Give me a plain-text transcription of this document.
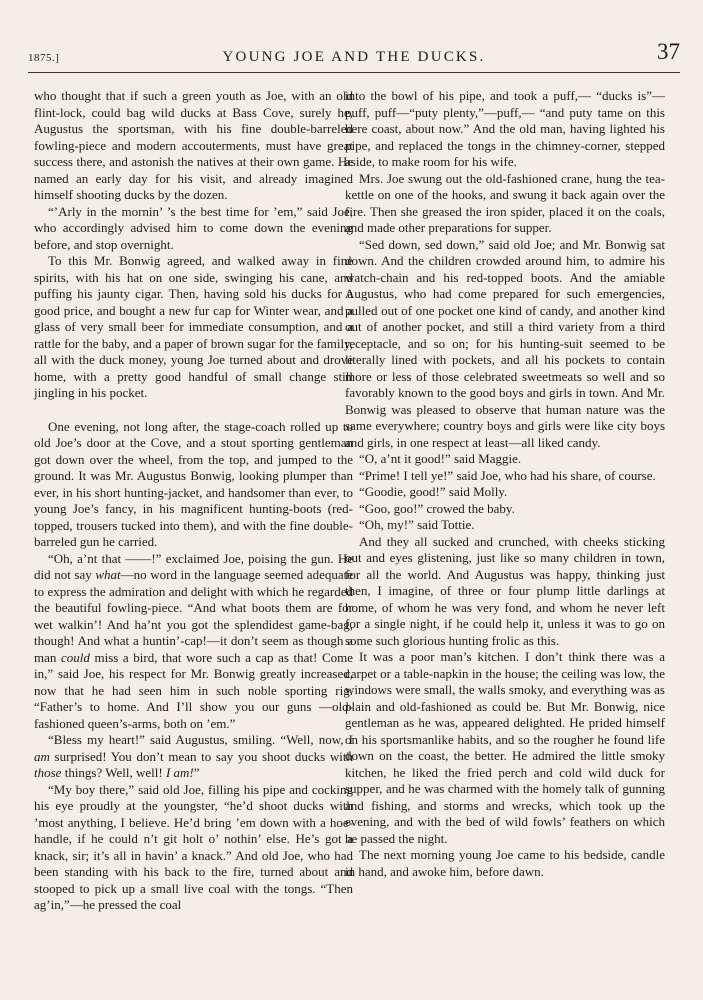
1875.]	YOUNG JOE AND THE DUCKS.	37

who thought that if such a green youth as Joe, with an old flint-lock, could bag wild ducks at Bass Cove, surely he, Augustus the sportsman, with his fine double-barreled fowling-piece and modern accouterments, must have great success there, and astonish the natives at their own game. He named an early day for his visit, and already imagined himself shooting ducks by the dozen.

“’Arly in the mornin’ ’s the best time for ’em,” said Joe, who accordingly advised him to come down the evening before, and stop overnight.

To this Mr. Bonwig agreed, and walked away in fine spirits, with his hat on one side, swinging his cane, and puffing his jaunty cigar. Then, having sold his ducks for a good price, and bought a new fur cap for Winter wear, and a glass of very small beer for immediate consumption, and a rattle for the baby, and a paper of brown sugar for the family, all with the duck money, young Joe turned about and drove home, with a pretty good handful of small change still jingling in his pocket.

One evening, not long after, the stage-coach rolled up to old Joe’s door at the Cove, and a stout sporting gentleman got down over the wheel, from the top, and jumped to the ground. It was Mr. Augustus Bonwig, looking plumper than ever, in his short hunting-jacket, and handsomer than ever, to young Joe’s fancy, in his magnificent hunting-boots (red-topped, trousers tucked into them), and with the fine double-barreled gun he carried.

“Oh, a’nt that ——!” exclaimed Joe, poising the gun. He did not say what—no word in the language seemed adequate to express the admiration and delight with which he regarded the beautiful fowling-piece. “And what boots them are for wet walkin’! And ha’nt you got the splendidest game-bag, though! And what a huntin’-cap!—it don’t seem as though a man could miss a bird, that wore such a cap as that! Come in,” said Joe, his respect for Mr. Bonwig greatly increased, now that he had seen him in such noble sporting rig. “Father’s to home. And I’ll show you our guns —old-fashioned queen’s-arms, both on ’em.”

“Bless my heart!” said Augustus, smiling. “Well, now, I am surprised! You don’t mean to say you shoot ducks with those things? Well, well! I am!”

“My boy there,” said old Joe, filling his pipe and cocking his eye proudly at the youngster, “he’d shoot ducks with ’most anything, I believe. He’d bring ’em down with a hoe-handle, if he could n’t git holt o’ nothin’ else. He’s got a knack, sir; it’s all in havin’ a knack.” And old Joe, who had been standing with his back to the fire, turned about and stooped to pick up a small live coal with the tongs. “Then ag’in,”—he pressed the coal

into the bowl of his pipe, and took a puff,— “ducks is”—puff, puff—“puty plenty,”—puff,— “and puty tame on this here coast, about now.” And the old man, having lighted his pipe, and replaced the tongs in the chimney-corner, stepped aside, to make room for his wife.

Mrs. Joe swung out the old-fashioned crane, hung the tea-kettle on one of the hooks, and swung it back again over the fire. Then she greased the iron spider, placed it on the coals, and made other preparations for supper.

“Sed down, sed down,” said old Joe; and Mr. Bonwig sat down. And the children crowded around him, to admire his watch-chain and his red-topped boots. And the amiable Augustus, who had come prepared for such emergencies, pulled out of one pocket one kind of candy, and another kind out of another pocket, and still a third variety from a third receptacle, and so on; for his hunting-suit seemed to be literally lined with pockets, and all his pockets to contain more or less of those celebrated sweetmeats so well and so favorably known to the good boys and girls in town. And Mr. Bonwig was pleased to observe that human nature was the same everywhere; country boys and girls were like city boys and girls, in one respect at least—all liked candy.

“O, a’nt it good!” said Maggie.

“Prime! I tell ye!” said Joe, who had his share, of course.

“Goodie, good!” said Molly.

“Goo, goo!” crowed the baby.

“Oh, my!” said Tottie.

And they all sucked and crunched, with cheeks sticking out and eyes glistening, just like so many children in town, for all the world. And Augustus was happy, thinking just then, I imagine, of three or four plump little darlings at home, of whom he was very fond, and whom he never left for a single night, if he could help it, unless it was to go on some such glorious hunting frolic as this.

It was a poor man’s kitchen. I don’t think there was a carpet or a table-napkin in the house; the ceiling was low, the windows were small, the walls smoky, and everything was as plain and old-fashioned as could be. But Mr. Bonwig, nice gentleman as he was, appeared delighted. He prided himself on his sportsmanlike habits, and so the rougher he found life down on the coast, the better. He admired the little smoky kitchen, he liked the fried perch and cold wild duck for supper, and he was charmed with the homely talk of gunning and fishing, and storms and wrecks, which took up the evening, and with the bed of wild fowls’ feathers on which he passed the night.

The next morning young Joe came to his bedside, candle in hand, and awoke him, before dawn.
